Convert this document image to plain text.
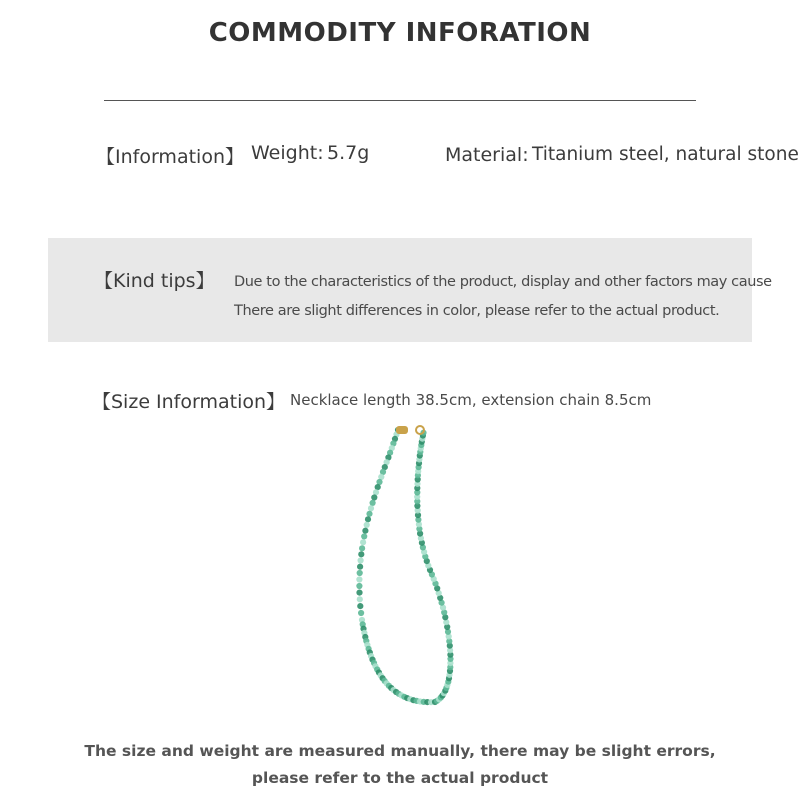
COMMODITY INFORATION
【Information】 Weight: 5.7g	Material: Titanium steel, natural stone
【Kind tips】 Due to the characteristics of the product, display and other factors may cause
There are slight differences in color, please refer to the actual product.
【Size Information】 Necklace length 38.5cm, extension chain 8.5cm
The size and weight are measured manually, there may be slight errors,
please refer to the actual product
